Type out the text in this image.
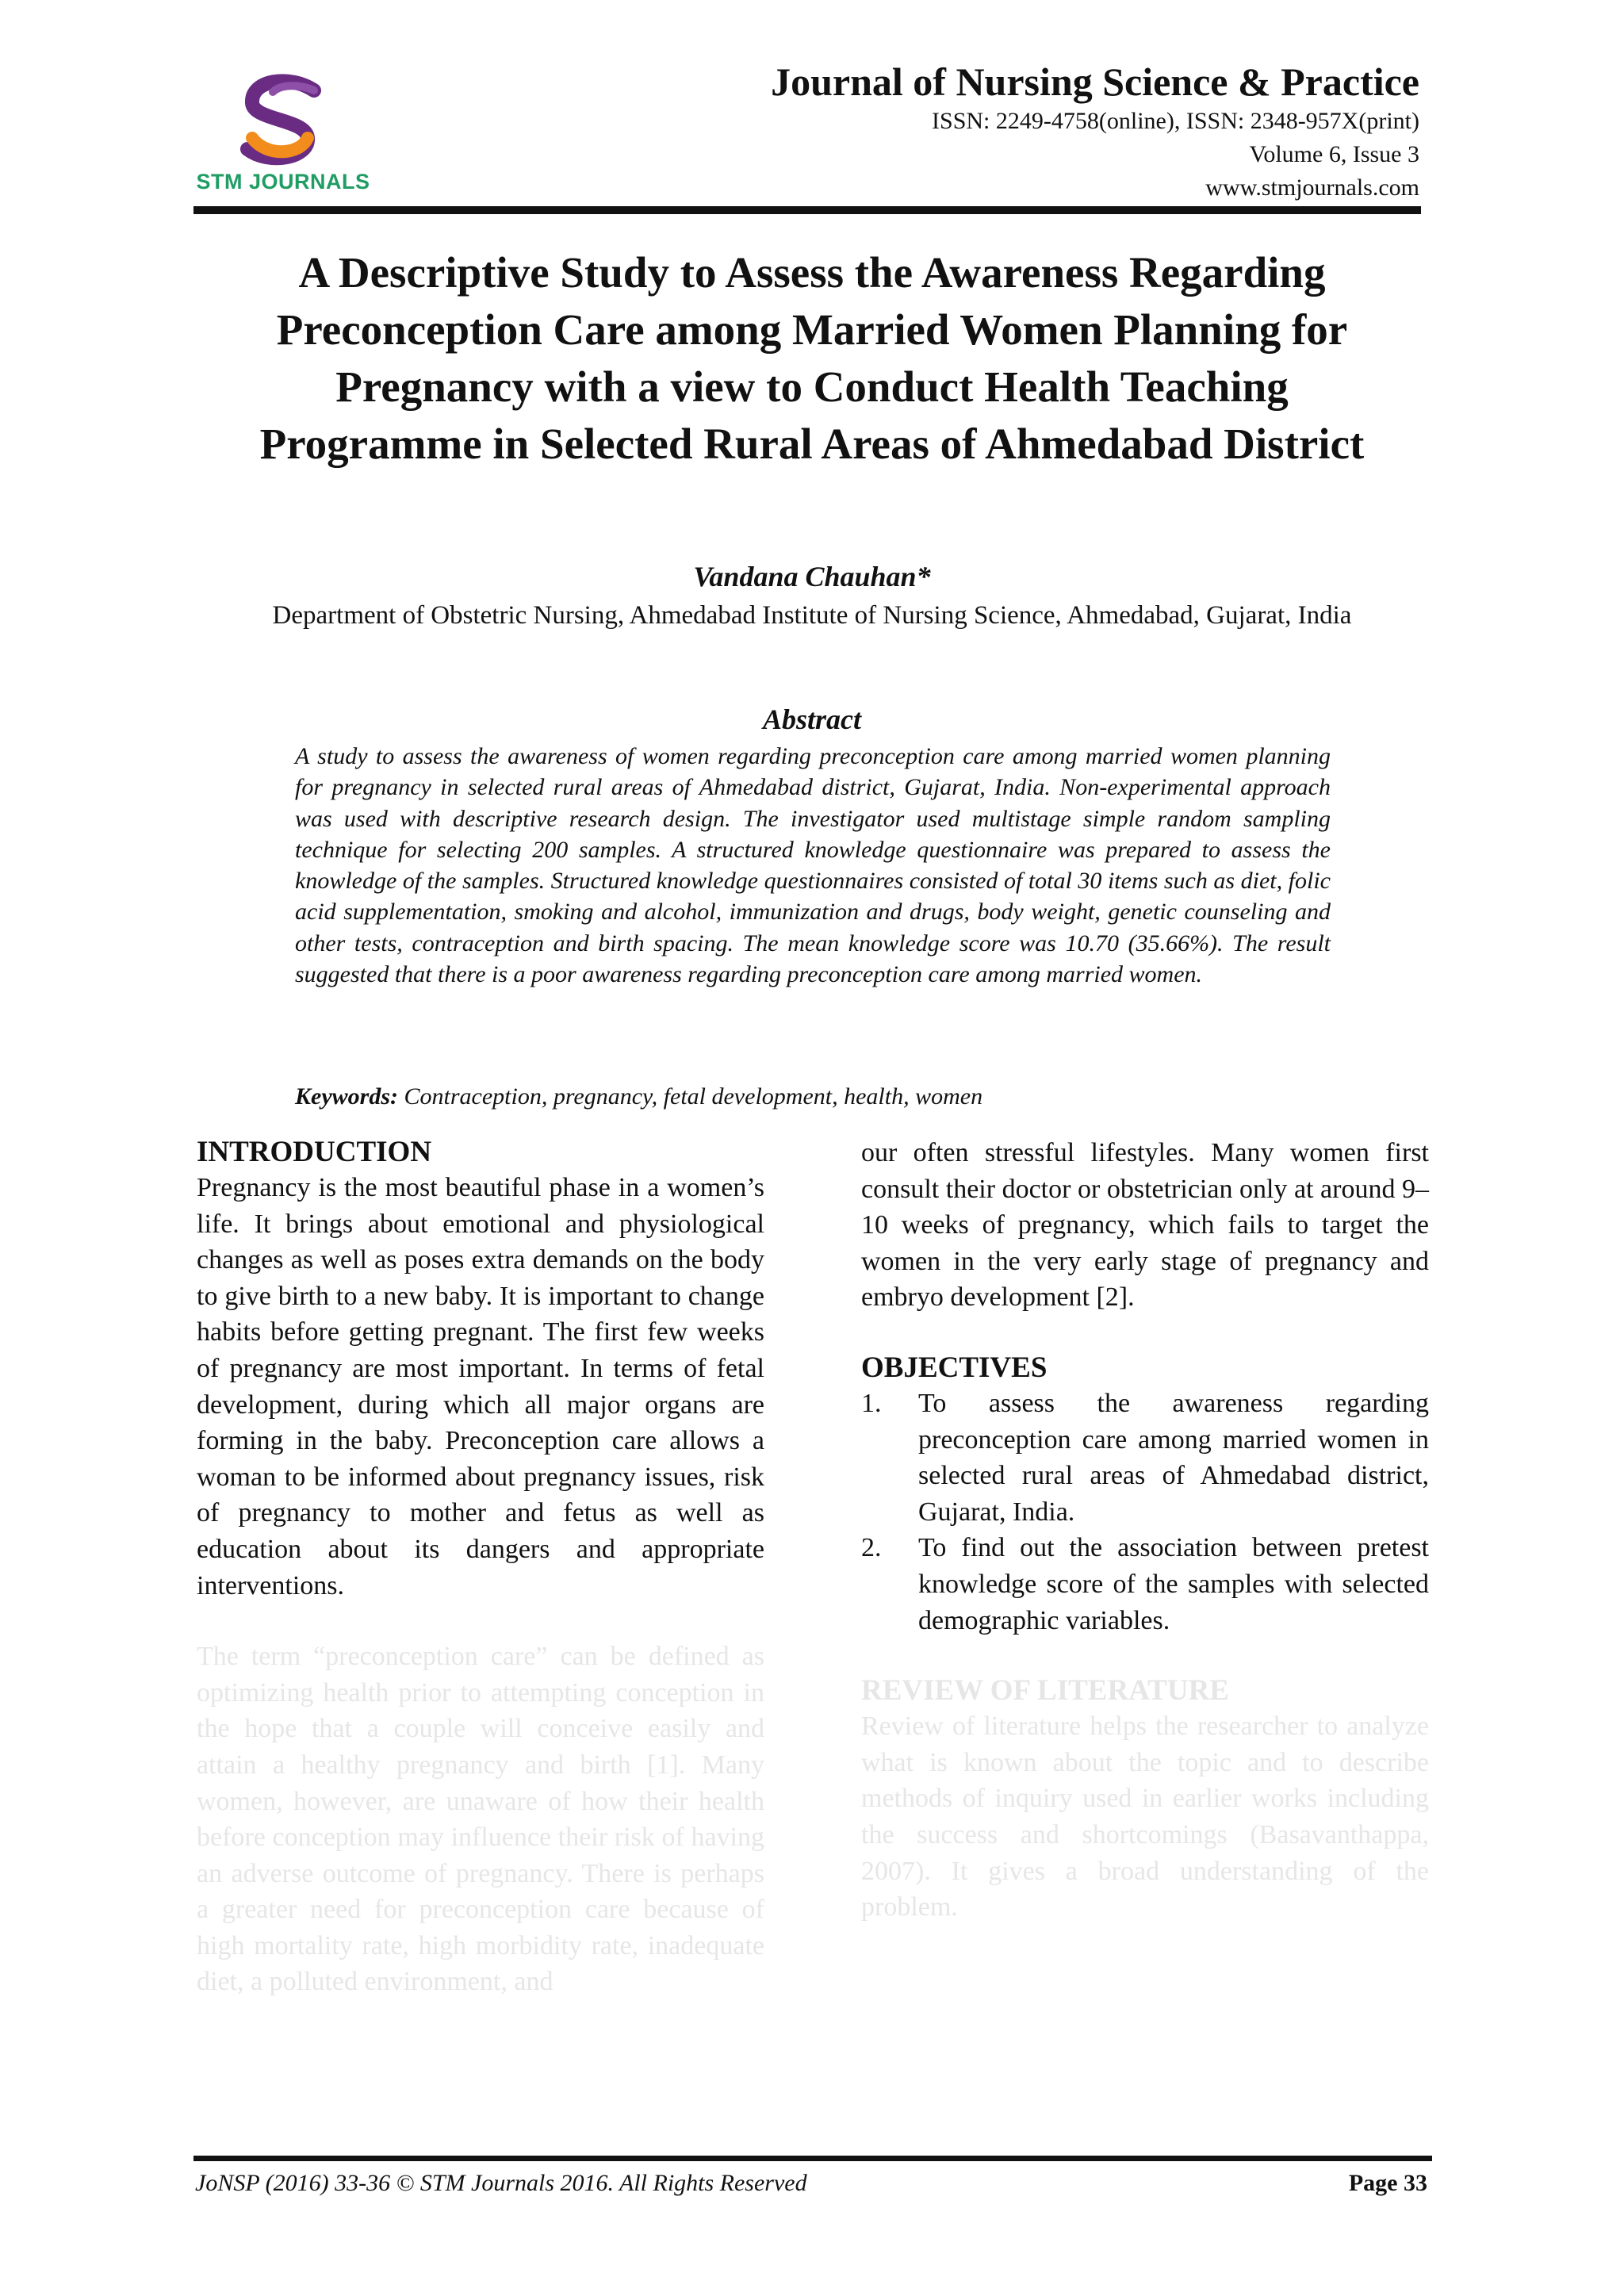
STM JOURNALS
Journal of Nursing Science & Practice
ISSN: 2249-4758(online), ISSN: 2348-957X(print)
Volume 6, Issue 3
www.stmjournals.com
A Descriptive Study to Assess the Awareness Regarding Preconception Care among Married Women Planning for Pregnancy with a view to Conduct Health Teaching Programme in Selected Rural Areas of Ahmedabad District
Vandana Chauhan*
Department of Obstetric Nursing, Ahmedabad Institute of Nursing Science, Ahmedabad, Gujarat, India
Abstract

A study to assess the awareness of women regarding preconception care among married women planning for pregnancy in selected rural areas of Ahmedabad district, Gujarat, India. Non-experimental approach was used with descriptive research design. The investigator used multistage simple random sampling technique for selecting 200 samples. A structured knowledge questionnaire was prepared to assess the knowledge of the samples. Structured knowledge questionnaires consisted of total 30 items such as diet, folic acid supplementation, smoking and alcohol, immunization and drugs, body weight, genetic counseling and other tests, contraception and birth spacing. The mean knowledge score was 10.70 (35.66%). The result suggested that there is a poor awareness regarding preconception care among married women.

Keywords: Contraception, pregnancy, fetal development, health, women
INTRODUCTION

Pregnancy is the most beautiful phase in a women’s life. It brings about emotional and physiological changes as well as poses extra demands on the body to give birth to a new baby. It is important to change habits before getting pregnant. The first few weeks of pregnancy are most important. In terms of fetal development, during which all major organs are forming in the baby. Preconception care allows a woman to be informed about pregnancy issues, risk of pregnancy to mother and fetus as well as education about its dangers and appropriate interventions.

The term “preconception care” can be defined as optimizing health prior to attempting conception in the hope that a couple will conceive easily and attain a healthy pregnancy and birth [1]. Many women, however, are unaware of how their health before conception may influence their risk of having an adverse outcome of pregnancy. There is perhaps a greater need for preconception care because of high mortality rate, high morbidity rate, inadequate diet, a polluted environment, and

our often stressful lifestyles. Many women first consult their doctor or obstetrician only at around 9–10 weeks of pregnancy, which fails to target the women in the very early stage of pregnancy and embryo development [2].

OBJECTIVES
1. To assess the awareness regarding preconception care among married women in selected rural areas of Ahmedabad district, Gujarat, India.
2. To find out the association between pretest knowledge score of the samples with selected demographic variables.
REVIEW OF LITERATURE

Review of literature helps the researcher to analyze what is known about the topic and to describe methods of inquiry used in earlier works including the success and shortcomings (Basavanthappa, 2007). It gives a broad understanding of the problem.

JoNSP (2016) 33-36 © STM Journals 2016. All Rights Reserved	Page 33
